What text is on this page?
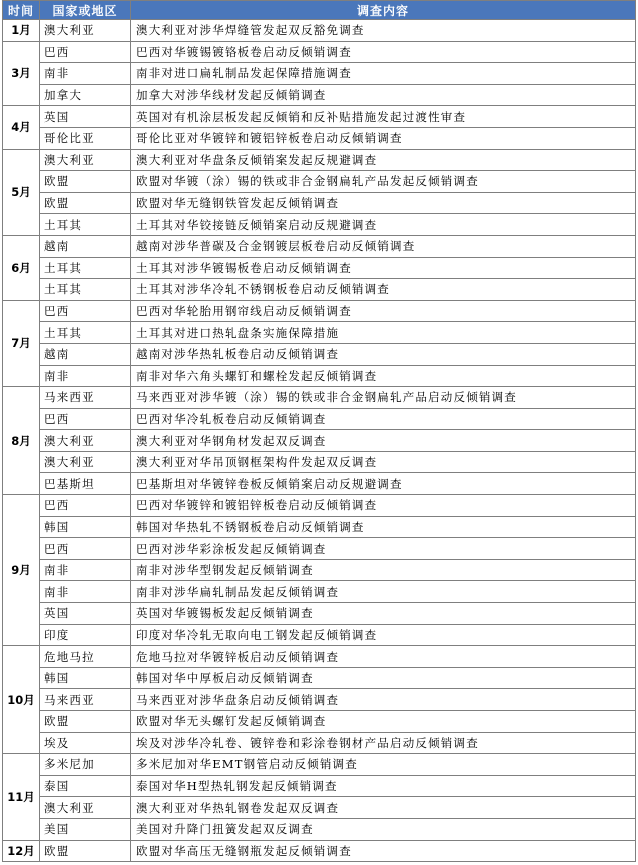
时间	国家或地区	调查内容
1月	澳大利亚	澳大利亚对涉华焊缝管发起双反豁免调查
3月	巴西	巴西对华镀锡镀铬板卷启动反倾销调查
	南非	南非对进口扁轧制品发起保障措施调查
	加拿大	加拿大对涉华线材发起反倾销调查
4月	英国	英国对有机涂层板发起反倾销和反补贴措施发起过渡性审查
	哥伦比亚	哥伦比亚对华镀锌和镀铝锌板卷启动反倾销调查
5月	澳大利亚	澳大利亚对华盘条反倾销案发起反规避调查
	欧盟	欧盟对华镀（涂）锡的铁或非合金钢扁轧产品发起反倾销调查
	欧盟	欧盟对华无缝钢铁管发起反倾销调查
	土耳其	土耳其对华铰接链反倾销案启动反规避调查
6月	越南	越南对涉华普碳及合金钢镀层板卷启动反倾销调查
	土耳其	土耳其对涉华镀锡板卷启动反倾销调查
	土耳其	土耳其对涉华冷轧不锈钢板卷启动反倾销调查
7月	巴西	巴西对华轮胎用钢帘线启动反倾销调查
	土耳其	土耳其对进口热轧盘条实施保障措施
	越南	越南对涉华热轧板卷启动反倾销调查
	南非	南非对华六角头螺钉和螺栓发起反倾销调查
8月	马来西亚	马来西亚对涉华镀（涂）锡的铁或非合金钢扁轧产品启动反倾销调查
	巴西	巴西对华冷轧板卷启动反倾销调查
	澳大利亚	澳大利亚对华钢角材发起双反调查
	澳大利亚	澳大利亚对华吊顶钢框架构件发起双反调查
	巴基斯坦	巴基斯坦对华镀锌卷板反倾销案启动反规避调查
9月	巴西	巴西对华镀锌和镀铝锌板卷启动反倾销调查
	韩国	韩国对华热轧不锈钢板卷启动反倾销调查
	巴西	巴西对涉华彩涂板发起反倾销调查
	南非	南非对涉华型钢发起反倾销调查
	南非	南非对涉华扁轧制品发起反倾销调查
	英国	英国对华镀锡板发起反倾销调查
	印度	印度对华冷轧无取向电工钢发起反倾销调查
10月	危地马拉	危地马拉对华镀锌板启动反倾销调查
	韩国	韩国对华中厚板启动反倾销调查
	马来西亚	马来西亚对涉华盘条启动反倾销调查
	欧盟	欧盟对华无头螺钉发起反倾销调查
	埃及	埃及对涉华冷轧卷、镀锌卷和彩涂卷钢材产品启动反倾销调查
11月	多米尼加	多米尼加对华EMT钢管启动反倾销调查
	泰国	泰国对华H型热轧钢发起反倾销调查
	澳大利亚	澳大利亚对华热轧钢卷发起双反调查
	美国	美国对升降门扭簧发起双反调查
12月	欧盟	欧盟对华高压无缝钢瓶发起反倾销调查
